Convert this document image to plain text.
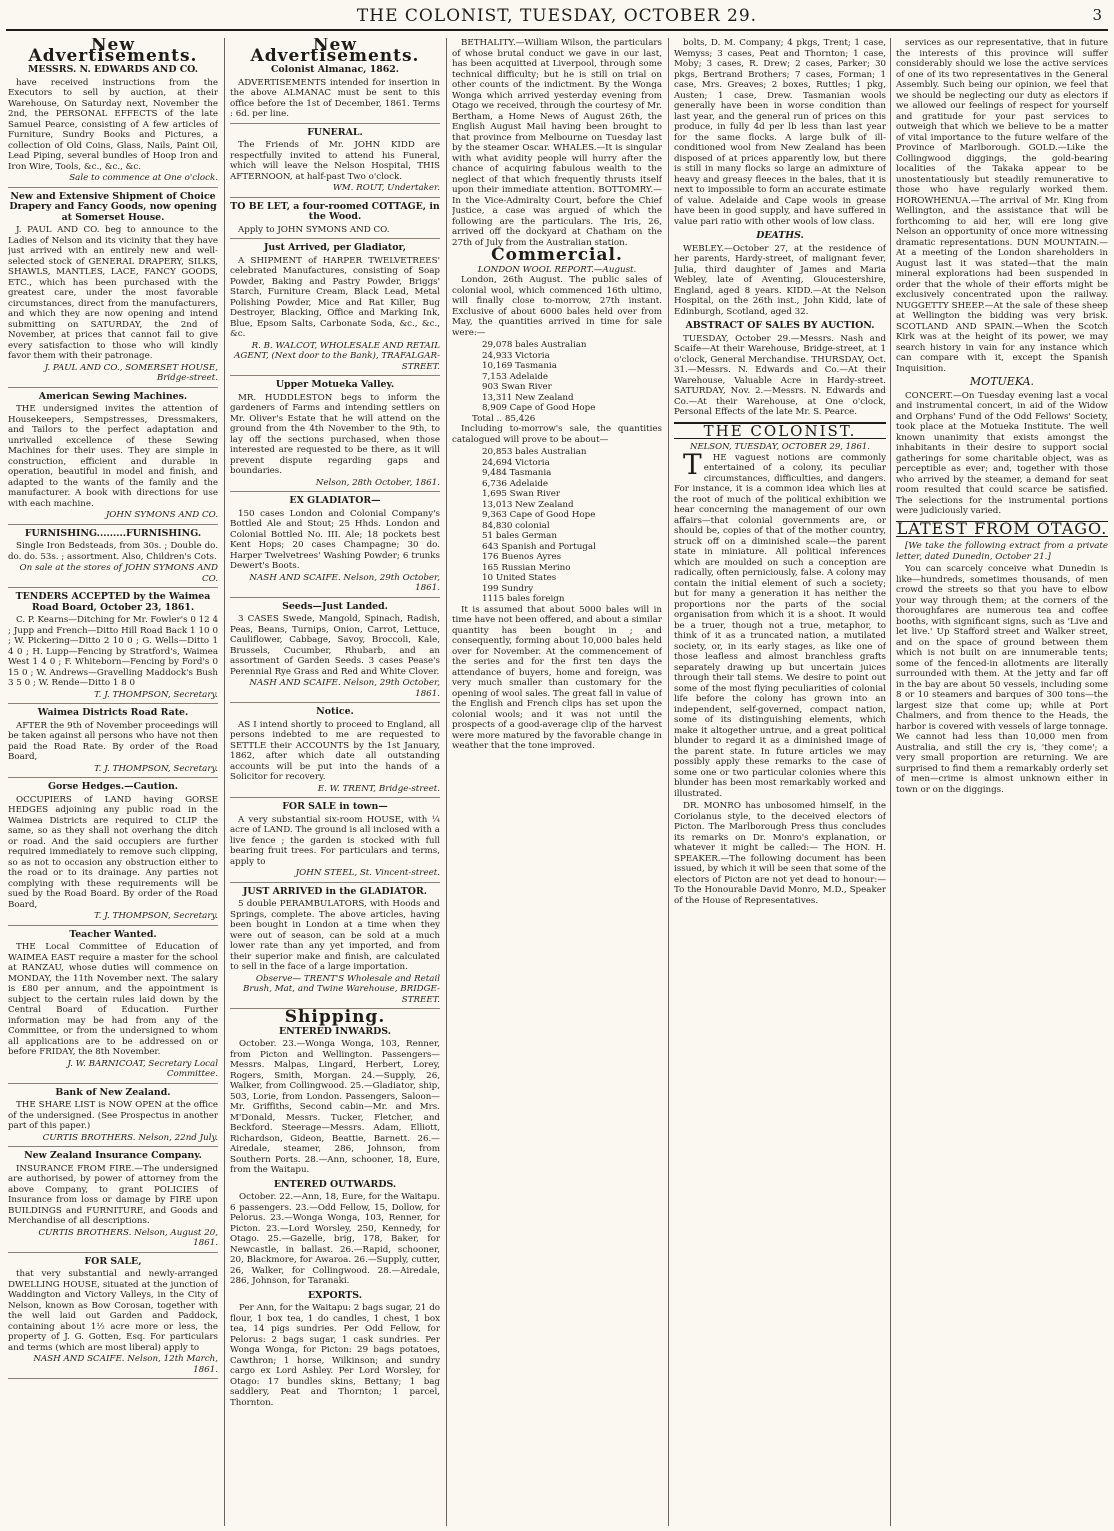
THE COLONIST, TUESDAY, OCTOBER 29.	3
New Advertisements.
MESSRS. N. EDWARDS AND CO.

have received instructions from the Executors to sell by auction, at their Warehouse, On Saturday next, November the 2nd, the PERSONAL EFFECTS of the late Samuel Pearce, consisting of A few articles of Furniture, Sundry Books and Pictures, a collection of Old Coins, Glass, Nails, Paint Oil, Lead Piping, several bundles of Hoop Iron and Iron Wire, Tools, &c., &c., &c.

Sale to commence at One o'clock.

New and Extensive Shipment of Choice Drapery and Fancy Goods, now opening at Somerset House.

J. PAUL AND CO. beg to announce to the Ladies of Nelson and its vicinity that they have just arrived with an entirely new and well-selected stock of GENERAL DRAPERY, SILKS, SHAWLS, MANTLES, LACE, FANCY GOODS, ETC., which has been purchased with the greatest care, under the most favorable circumstances, direct from the manufacturers, and which they are now opening and intend submitting on SATURDAY, the 2nd of November, at prices that cannot fail to give every satisfaction to those who will kindly favor them with their patronage.

J. PAUL AND CO., SOMERSET HOUSE, Bridge-street.

American Sewing Machines.

THE undersigned invites the attention of Housekeepers, Sempstresses, Dressmakers, and Tailors to the perfect adaptation and unrivalled excellence of these Sewing Machines for their uses. They are simple in construction, efficient and durable in operation, beautiful in model and finish, and adapted to the wants of the family and the manufacturer. A book with directions for use with each machine.

JOHN SYMONS AND CO.

FURNISHING.........FURNISHING.

Single Iron Bedsteads, from 30s. ; Double do. do. do. 53s. ; assortment. Also, Children's Cots.

On sale at the stores of JOHN SYMONS AND CO.

TENDERS ACCEPTED by the Waimea Road Board, October 23, 1861.

C. P. Kearns—Ditching for Mr. Fowler's 0 12 4 ; Jupp and French—Ditto Hill Road Back 1 10 0 ; W. Pickering—Ditto 2 10 0 ; G. Wells—Ditto 1 4 0 ; H. Lupp—Fencing by Stratford's, Waimea West 1 4 0 ; F. Whiteborn—Fencing by Ford's 0 15 0 ; W. Andrews—Gravelling Maddock's Bush 3 5 0 ; W. Rende—Ditto 1 8 0

T. J. THOMPSON, Secretary.

Waimea Districts Road Rate.

AFTER the 9th of November proceedings will be taken against all persons who have not then paid the Road Rate. By order of the Road Board,

T. J. THOMPSON, Secretary.

Gorse Hedges.—Caution.

OCCUPIERS of LAND having GORSE HEDGES adjoining any public road in the Waimea Districts are required to CLIP the same, so as they shall not overhang the ditch or road. And the said occupiers are further required immediately to remove such clipping, so as not to occasion any obstruction either to the road or to its drainage. Any parties not complying with these requirements will be sued by the Road Board. By order of the Road Board,

T. J. THOMPSON, Secretary.

Teacher Wanted.

THE Local Committee of Education of WAIMEA EAST require a master for the school at RANZAU, whose duties will commence on MONDAY, the 11th November next. The salary is £80 per annum, and the appointment is subject to the certain rules laid down by the Central Board of Education. Further information may be had from any of the Committee, or from the undersigned to whom all applications are to be addressed on or before FRIDAY, the 8th November.

J. W. BARNICOAT, Secretary Local Committee.

Bank of New Zealand.

THE SHARE LIST is NOW OPEN at the office of the undersigned. (See Prospectus in another part of this paper.)

CURTIS BROTHERS. Nelson, 22nd July.

New Zealand Insurance Company.

INSURANCE FROM FIRE.—The undersigned are authorised, by power of attorney from the above Company, to grant POLICIES of Insurance from loss or damage by FIRE upon BUILDINGS and FURNITURE, and Goods and Merchandise of all descriptions.

CURTIS BROTHERS. Nelson, August 20, 1861.

FOR SALE,

that very substantial and newly-arranged DWELLING HOUSE, situated at the junction of Waddington and Victory Valleys, in the City of Nelson, known as Bow Corosan, together with the well laid out Garden and Paddock, containing about 1½ acre more or less, the property of J. G. Gotten, Esq. For particulars and terms (which are most liberal) apply to

NASH AND SCAIFE. Nelson, 12th March, 1861.

New Advertisements.
Colonist Almanac, 1862.

ADVERTISEMENTS intended for insertion in the above ALMANAC must be sent to this office before the 1st of December, 1861. Terms : 6d. per line.

FUNERAL.

The Friends of Mr. JOHN KIDD are respectfully invited to attend his Funeral, which will leave the Nelson Hospital, THIS AFTERNOON, at half-past Two o'clock.

WM. ROUT, Undertaker.

TO BE LET, a four-roomed COTTAGE, in the Wood.

Apply to JOHN SYMONS AND CO.

Just Arrived, per Gladiator,

A SHIPMENT of HARPER TWELVETREES' celebrated Manufactures, consisting of Soap Powder, Baking and Pastry Powder, Briggs' Starch, Furniture Cream, Black Lead, Metal Polishing Powder, Mice and Rat Killer, Bug Destroyer, Blacking, Office and Marking Ink, Blue, Epsom Salts, Carbonate Soda, &c., &c., &c.

R. B. WALCOT, WHOLESALE AND RETAIL AGENT, (Next door to the Bank), TRAFALGAR-STREET.

Upper Motueka Valley.

MR. HUDDLESTON begs to inform the gardeners of Farms and intending settlers on Mr. Oliver's Estate that he will attend on the ground from the 4th November to the 9th, to lay off the sections purchased, when those interested are requested to be there, as it will prevent dispute regarding gaps and boundaries.

Nelson, 28th October, 1861.

EX GLADIATOR—

150 cases London and Colonial Company's Bottled Ale and Stout; 25 Hhds. London and Colonial Bottled No. III. Ale; 18 pockets best Kent Hops; 20 cases Champagne; 30 do. Harper Twelvetrees' Washing Powder; 6 trunks Dewert's Boots.

NASH AND SCAIFE. Nelson, 29th October, 1861.

Seeds—Just Landed.

3 CASES Swede, Mangold, Spinach, Radish, Peas, Beans, Turnips, Onion, Carrot, Lettuce, Cauliflower, Cabbage, Savoy, Broccoli, Kale, Brussels, Cucumber, Rhubarb, and an assortment of Garden Seeds. 3 cases Pease's Perennial Rye Grass and Red and White Clover.

NASH AND SCAIFE. Nelson, 29th October, 1861.

Notice.

AS I intend shortly to proceed to England, all persons indebted to me are requested to SETTLE their ACCOUNTS by the 1st January, 1862, after which date all outstanding accounts will be put into the hands of a Solicitor for recovery.

E. W. TRENT, Bridge-street.

FOR SALE in town—

A very substantial six-room HOUSE, with ¼ acre of LAND. The ground is all inclosed with a live fence ; the garden is stocked with full bearing fruit trees. For particulars and terms, apply to

JOHN STEEL, St. Vincent-street.

JUST ARRIVED in the GLADIATOR.

5 double PERAMBULATORS, with Hoods and Springs, complete. The above articles, having been bought in London at a time when they were out of season, can be sold at a much lower rate than any yet imported, and from their superior make and finish, are calculated to sell in the face of a large importation.

Observe— TRENT'S Wholesale and Retail Brush, Mat, and Twine Warehouse, BRIDGE-STREET.

Shipping.
ENTERED INWARDS.

October. 23.—Wonga Wonga, 103, Renner, from Picton and Wellington. Passengers—Messrs. Malpas, Lingard, Herbert, Lorey, Rogers, Smith, Morgan. 24.—Supply, 26, Walker, from Collingwood. 25.—Gladiator, ship, 503, Lorie, from London. Passengers, Saloon—Mr. Griffiths, Second cabin—Mr. and Mrs. M'Donald, Messrs. Tucker, Fletcher, and Beckford. Steerage—Messrs. Adam, Elliott, Richardson, Gideon, Beattie, Barnett. 26.—Airedale, steamer, 286, Johnson, from Southern Ports. 28.—Ann, schooner, 18, Eure, from the Waitapu.

ENTERED OUTWARDS.

October. 22.—Ann, 18, Eure, for the Waitapu. 6 passengers. 23.—Odd Fellow, 15, Dollow, for Pelorus. 23.—Wonga Wonga, 103, Renner, for Picton. 23.—Lord Worsley, 250, Kennedy, for Otago. 25.—Gazelle, brig, 178, Baker, for Newcastle, in ballast. 26.—Rapid, schooner, 20, Blackmore, for Awaroa. 26.—Supply, cutter, 26, Walker, for Collingwood. 28.—Airedale, 286, Johnson, for Taranaki.

EXPORTS.

Per Ann, for the Waitapu: 2 bags sugar, 21 do flour, 1 box tea, 1 do candles, 1 chest, 1 box tea, 14 pigs sundries. Per Odd Fellow, for Pelorus: 2 bags sugar, 1 cask sundries. Per Wonga Wonga, for Picton: 29 bags potatoes, Cawthron; 1 horse, Wilkinson; and sundry cargo ex Lord Ashley. Per Lord Worsley, for Otago: 17 bundles skins, Bettany; 1 bag saddlery, Peat and Thornton; 1 parcel, Thornton.

BETHALITY.—William Wilson, the particulars of whose brutal conduct we gave in our last, has been acquitted at Liverpool, through some technical difficulty; but he is still on trial on other counts of the indictment. By the Wonga Wonga which arrived yesterday evening from Otago we received, through the courtesy of Mr. Bertham, a Home News of August 26th, the English August Mail having been brought to that province from Melbourne on Tuesday last by the steamer Oscar. WHALES.—It is singular with what avidity people will hurry after the chance of acquiring fabulous wealth to the neglect of that which frequently thrusts itself upon their immediate attention. BOTTOMRY.—In the Vice-Admiralty Court, before the Chief Justice, a case was argued of which the following are the particulars. The Iris, 26, arrived off the dockyard at Chatham on the 27th of July from the Australian station.

Commercial.
LONDON WOOL REPORT.—August.

London, 26th August. The public sales of colonial wool, which commenced 16th ultimo, will finally close to-morrow, 27th instant. Exclusive of about 6000 bales held over from May, the quantities arrived in time for sale were:—

29,078 bales Australian
24,933 Victoria
10,169 Tasmania
7,153 Adelaide
903 Swan River
13,311 New Zealand
8,909 Cape of Good Hope
Total .. 85,426

Including to-morrow's sale, the quantities catalogued will prove to be about—

20,853 bales Australian
24,694 Victoria
9,484 Tasmania
6,736 Adelaide
1,695 Swan River
13,013 New Zealand
9,363 Cape of Good Hope
84,830 colonial
51 bales German
643 Spanish and Portugal
176 Buenos Ayres
165 Russian Merino
10 United States
199 Sundry
1115 bales foreign

It is assumed that about 5000 bales will in time have not been offered, and about a similar quantity has been bought in ; and consequently, forming about 10,000 bales held over for November. At the commencement of the series and for the first ten days the attendance of buyers, home and foreign, was very much smaller than customary for the opening of wool sales. The great fall in value of the English and French clips has set upon the colonial wools; and it was not until the prospects of a good-average clip of the harvest were more matured by the favorable change in weather that the tone improved.

bolts, D. M. Company; 4 pkgs, Trent; 1 case, Wemyss; 3 cases, Peat and Thornton; 1 case, Moby; 3 cases, R. Drew; 2 cases, Parker; 30 pkgs, Bertrand Brothers; 7 cases, Forman; 1 case, Mrs. Greaves; 2 boxes, Ruttles; 1 pkg, Austen; 1 case, Drew. Tasmanian wools generally have been in worse condition than last year, and the general run of prices on this produce, in fully 4d per lb less than last year for the same flocks. A large bulk of ill-conditioned wool from New Zealand has been disposed of at prices apparently low, but there is still in many flocks so large an admixture of heavy and greasy fleeces in the bales, that it is next to impossible to form an accurate estimate of value. Adelaide and Cape wools in grease have been in good supply, and have suffered in value pari ratio with other wools of low class.

DEATHS.

WEBLEY.—October 27, at the residence of her parents, Hardy-street, of malignant fever, Julia, third daughter of James and Maria Webley, late of Aventing, Gloucestershire, England, aged 8 years. KIDD.—At the Nelson Hospital, on the 26th inst., John Kidd, late of Edinburgh, Scotland, aged 32.

ABSTRACT OF SALES BY AUCTION.

TUESDAY, October 29.—Messrs. Nash and Scaife—At their Warehouse, Bridge-street, at 1 o'clock, General Merchandise. THURSDAY, Oct. 31.—Messrs. N. Edwards and Co.—At their Warehouse, Valuable Acre in Hardy-street. SATURDAY, Nov. 2.—Messrs. N. Edwards and Co.—At their Warehouse, at One o'clock, Personal Effects of the late Mr. S. Pearce.

THE COLONIST.
NELSON, TUESDAY, OCTOBER 29, 1861.

THE vaguest notions are commonly entertained of a colony, its peculiar circumstances, difficulties, and dangers. For instance, it is a common idea which lies at the root of much of the political exhibition we hear concerning the management of our own affairs—that colonial governments are, or should be, copies of that of the mother country, struck off on a diminished scale—the parent state in miniature. All political inferences which are moulded on such a conception are radically, often perniciously, false. A colony may contain the initial element of such a society; but for many a generation it has neither the proportions nor the parts of the social organisation from which it is a shoot. It would be a truer, though not a true, metaphor, to think of it as a truncated nation, a mutilated society, or, in its early stages, as like one of those leafless and almost branchless grafts separately drawing up but uncertain juices through their tall stems. We desire to point out some of the most flying peculiarities of colonial life before the colony has grown into an independent, self-governed, compact nation, some of its distinguishing elements, which make it altogether untrue, and a great political blunder to regard it as a diminished image of the parent state. In future articles we may possibly apply these remarks to the case of some one or two particular colonies where this blunder has been most remarkably worked and illustrated.

DR. MONRO has unbosomed himself, in the Coriolanus style, to the deceived electors of Picton. The Marlborough Press thus concludes its remarks on Dr. Monro's explanation, or whatever it might be called:— The HON. H. SPEAKER.—The following document has been issued, by which it will be seen that some of the electors of Picton are not yet dead to honour:—To the Honourable David Monro, M.D., Speaker of the House of Representatives.

services as our representative, that in future the interests of this province will suffer considerably should we lose the active services of one of its two representatives in the General Assembly. Such being our opinion, we feel that we should be neglecting our duty as electors if we allowed our feelings of respect for yourself and gratitude for your past services to outweigh that which we believe to be a matter of vital importance to the future welfare of the Province of Marlborough. GOLD.—Like the Collingwood diggings, the gold-bearing localities of the Takaka appear to be unostentatiously but steadily remunerative to those who have regularly worked them. HOROWHENUA.—The arrival of Mr. King from Wellington, and the assistance that will be forthcoming to aid her, will ere long give Nelson an opportunity of once more witnessing dramatic representations. DUN MOUNTAIN.—At a meeting of the London shareholders in August last it was stated—that the main mineral explorations had been suspended in order that the whole of their efforts might be exclusively concentrated upon the railway. NUGGETTY SHEEP.—At the sale of these sheep at Wellington the bidding was very brisk. SCOTLAND AND SPAIN.—When the Scotch Kirk was at the height of its power, we may search history in vain for any instance which can compare with it, except the Spanish Inquisition.

MOTUEKA.

CONCERT.—On Tuesday evening last a vocal and instrumental concert, in aid of the Widow and Orphans' Fund of the Odd Fellows' Society, took place at the Motueka Institute. The well known unanimity that exists amongst the inhabitants in their desire to support social gatherings for some charitable object, was as perceptible as ever; and, together with those who arrived by the steamer, a demand for seat room resulted that could scarce be satisfied. The selections for the instrumental portions were judiciously varied.

LATEST FROM OTAGO.

[We take the following extract from a private letter, dated Dunedin, October 21.]

You can scarcely conceive what Dunedin is like—hundreds, sometimes thousands, of men crowd the streets so that you have to elbow your way through them; at the corners of the thoroughfares are numerous tea and coffee booths, with significant signs, such as 'Live and let live.' Up Stafford street and Walker street, and on the space of ground between them which is not built on are innumerable tents; some of the fenced-in allotments are literally surrounded with them. At the jetty and far off in the bay are about 50 vessels, including some 8 or 10 steamers and barques of 300 tons—the largest size that come up; while at Port Chalmers, and from thence to the Heads, the harbor is covered with vessels of large tonnage. We cannot had less than 10,000 men from Australia, and still the cry is, 'they come'; a very small proportion are returning. We are surprised to find them a remarkably orderly set of men—crime is almost unknown either in town or on the diggings.
